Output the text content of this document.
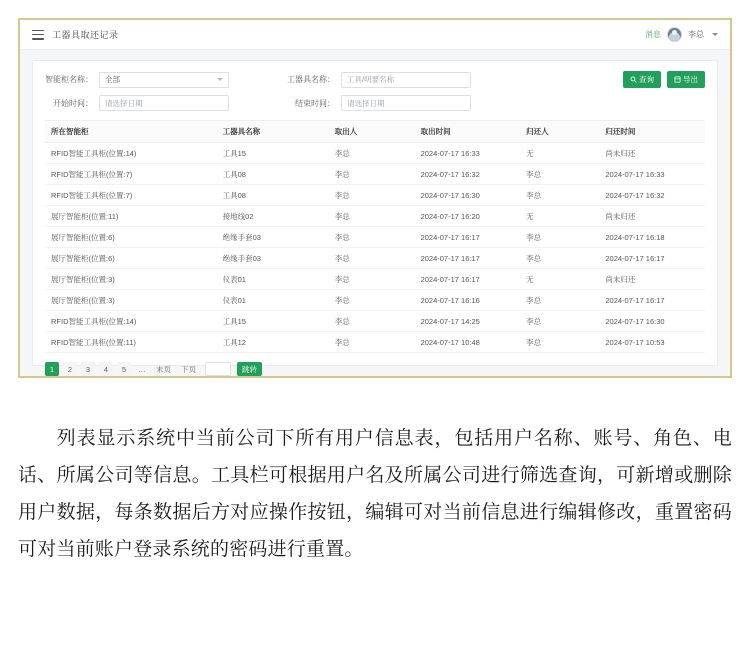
工器具取还记录	消息	李总
智能柜名称： 全部	工器具名称： 工具/明要名称	查询	导出
开始时间： 请选择日期	结束时间： 请选择日期
所在智能柜	工器具名称	取出人	取出时间	归还人	归还时间
RFID智能工具柜(位置:14)	工具15	李总	2024-07-17 16:33	无	尚未归还
RFID智能工具柜(位置:7)	工具08	李总	2024-07-17 16:32	李总	2024-07-17 16:33
RFID智能工具柜(位置:7)	工具08	李总	2024-07-17 16:30	李总	2024-07-17 16:32
展厅智能柜(位置:11)	接地线02	李总	2024-07-17 16:20	无	尚未归还
展厅智能柜(位置:6)	绝缘手套03	李总	2024-07-17 16:17	李总	2024-07-17 16:18
展厅智能柜(位置:6)	绝缘手套03	李总	2024-07-17 16:17	李总	2024-07-17 16:17
展厅智能柜(位置:3)	仪表01	李总	2024-07-17 16:17	无	尚未归还
展厅智能柜(位置:3)	仪表01	李总	2024-07-17 16:16	李总	2024-07-17 16:17
RFID智能工具柜(位置:14)	工具15	李总	2024-07-17 14:25	李总	2024-07-17 16:30
RFID智能工具柜(位置:11)	工具12	李总	2024-07-17 10:48	李总	2024-07-17 10:53
1	2	3	4	5	…	末页	下页	跳转
列表显示系统中当前公司下所有用户信息表，包括用户名称、账号、角色、电话、所属公司等信息。工具栏可根据用户名及所属公司进行筛选查询，可新增或删除用户数据，每条数据后方对应操作按钮，编辑可对当前信息进行编辑修改，重置密码可对当前账户登录系统的密码进行重置。
